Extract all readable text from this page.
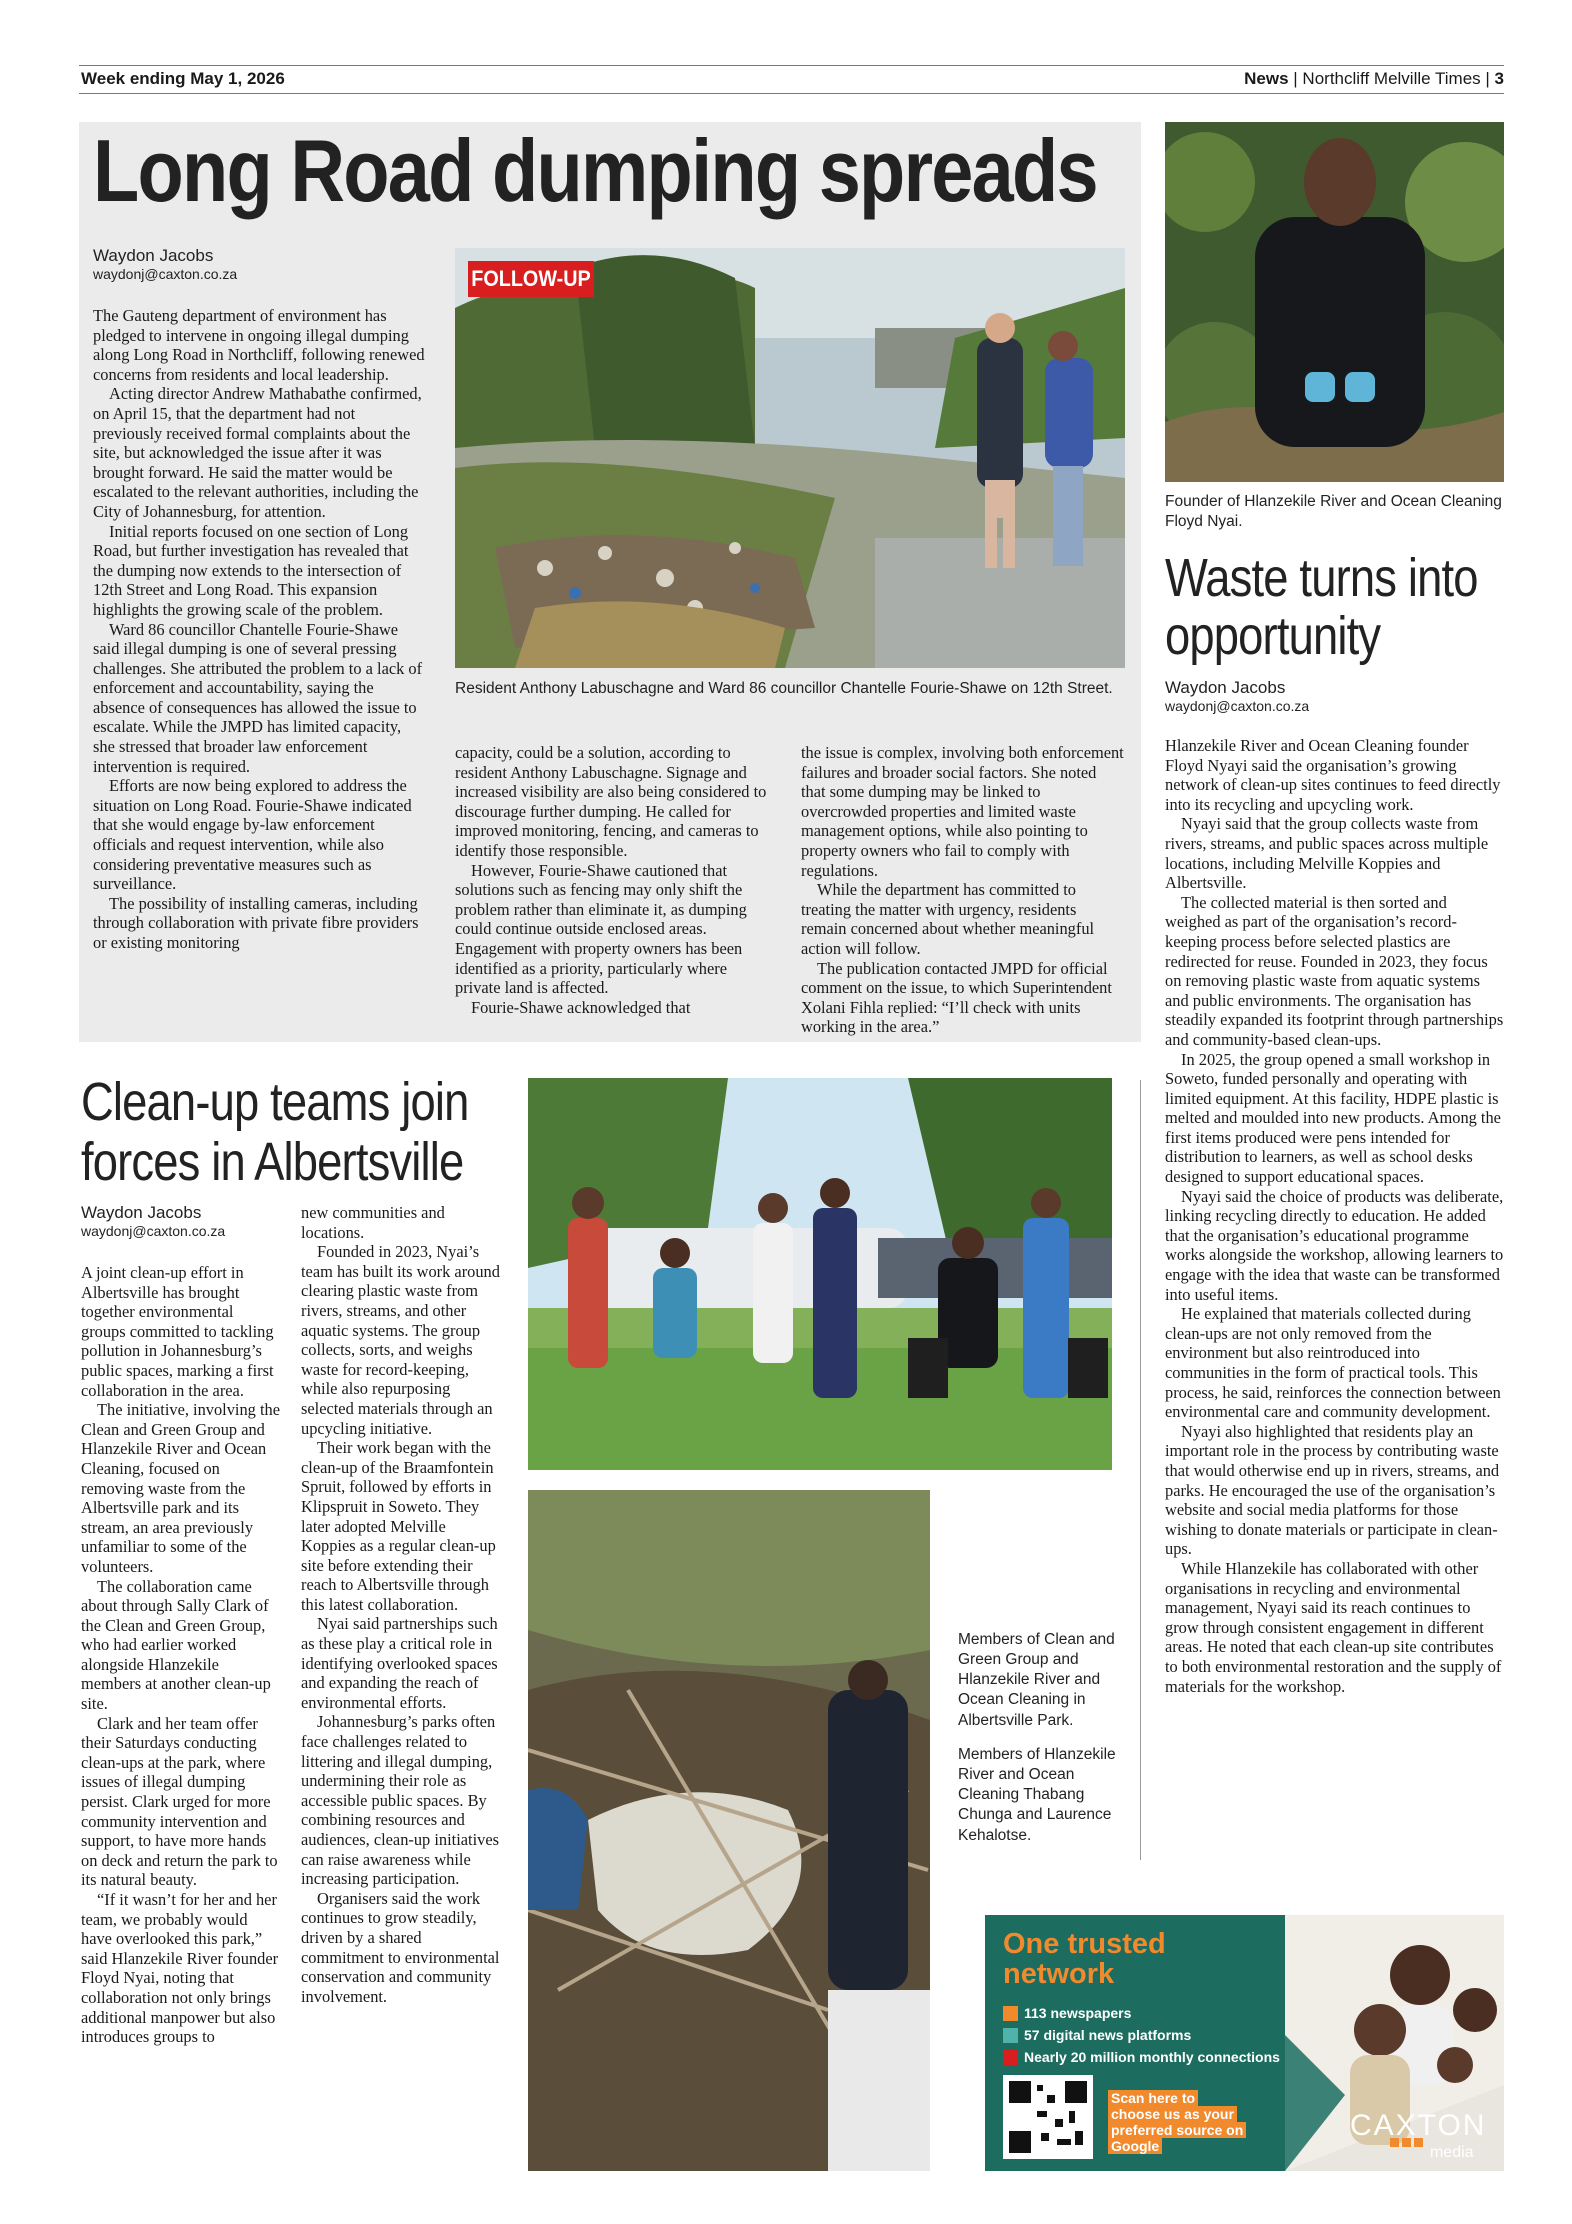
Week ending May 1, 2026	News | Northcliff Melville Times | 3
Long Road dumping spreads
Waydon Jacobs
waydonj@caxton.co.za

The Gauteng department of environment has pledged to intervene in ongoing illegal dumping along Long Road in Northcliff, following renewed concerns from residents and local leadership.

Acting director Andrew Mathabathe confirmed, on April 15, that the department had not previously received formal complaints about the site, but acknowledged the issue after it was brought forward. He said the matter would be escalated to the relevant authorities, including the City of Johannesburg, for attention.

Initial reports focused on one section of Long Road, but further investigation has revealed that the dumping now extends to the intersection of 12th Street and Long Road. This expansion highlights the growing scale of the problem.

Ward 86 councillor Chantelle Fourie-Shawe said illegal dumping is one of several pressing challenges. She attributed the problem to a lack of enforcement and accountability, saying the absence of consequences has allowed the issue to escalate. While the JMPD has limited capacity, she stressed that broader law enforcement intervention is required.

Efforts are now being explored to address the situation on Long Road. Fourie-Shawe indicated that she would engage by-law enforcement officials and request intervention, while also considering preventative measures such as surveillance.

The possibility of installing cameras, including through collaboration with private fibre providers or existing monitoring

FOLLOW-UP
Resident Anthony Labuschagne and Ward 86 councillor Chantelle Fourie-Shawe on 12th Street.

capacity, could be a solution, according to resident Anthony Labuschagne. Signage and increased visibility are also being considered to discourage further dumping. He called for improved monitoring, fencing, and cameras to identify those responsible.

However, Fourie-Shawe cautioned that solutions such as fencing may only shift the problem rather than eliminate it, as dumping could continue outside enclosed areas. Engagement with property owners has been identified as a priority, particularly where private land is affected.

Fourie-Shawe acknowledged that

the issue is complex, involving both enforcement failures and broader social factors. She noted that some dumping may be linked to overcrowded properties and limited waste management options, while also pointing to property owners who fail to comply with regulations.

While the department has committed to treating the matter with urgency, residents remain concerned about whether meaningful action will follow.

The publication contacted JMPD for official comment on the issue, to which Superintendent Xolani Fihla replied: “I’ll check with units working in the area.”

Founder of Hlanzekile River and Ocean Cleaning Floyd Nyai.
Waste turns into
opportunity
Waydon Jacobs
waydonj@caxton.co.za

Hlanzekile River and Ocean Cleaning founder Floyd Nyayi said the organisation’s growing network of clean-up sites continues to feed directly into its recycling and upcycling work.

Nyayi said that the group collects waste from rivers, streams, and public spaces across multiple locations, including Melville Koppies and Albertsville.

The collected material is then sorted and weighed as part of the organisation’s record-keeping process before selected plastics are redirected for reuse. Founded in 2023, they focus on removing plastic waste from aquatic systems and public environments. The organisation has steadily expanded its footprint through partnerships and community-based clean-ups.

In 2025, the group opened a small workshop in Soweto, funded personally and operating with limited equipment. At this facility, HDPE plastic is melted and moulded into new products. Among the first items produced were pens intended for distribution to learners, as well as school desks designed to support educational spaces.

Nyayi said the choice of products was deliberate, linking recycling directly to education. He added that the organisation’s educational programme works alongside the workshop, allowing learners to engage with the idea that waste can be transformed into useful items.

He explained that materials collected during clean-ups are not only removed from the environment but also reintroduced into communities in the form of practical tools. This process, he said, reinforces the connection between environmental care and community development.

Nyayi also highlighted that residents play an important role in the process by contributing waste that would otherwise end up in rivers, streams, and parks. He encouraged the use of the organisation’s website and social media platforms for those wishing to donate materials or participate in clean-ups.

While Hlanzekile has collaborated with other organisations in recycling and environmental management, Nyayi said its reach continues to grow through consistent engagement in different areas. He noted that each clean-up site contributes to both environmental restoration and the supply of materials for the workshop.

Clean-up teams join
forces in Albertsville
Waydon Jacobs
waydonj@caxton.co.za

A joint clean-up effort in Albertsville has brought together environmental groups committed to tackling pollution in Johannesburg’s public spaces, marking a first collaboration in the area.

The initiative, involving the Clean and Green Group and Hlanzekile River and Ocean Cleaning, focused on removing waste from the Albertsville park and its stream, an area previously unfamiliar to some of the volunteers.

The collaboration came about through Sally Clark of the Clean and Green Group, who had earlier worked alongside Hlanzekile members at another clean-up site.

Clark and her team offer their Saturdays conducting clean-ups at the park, where issues of illegal dumping persist. Clark urged for more community intervention and support, to have more hands on deck and return the park to its natural beauty.

“If it wasn’t for her and her team, we probably would have overlooked this park,” said Hlanzekile River founder Floyd Nyai, noting that collaboration not only brings additional manpower but also introduces groups to

new communities and locations.

Founded in 2023, Nyai’s team has built its work around clearing plastic waste from rivers, streams, and other aquatic systems. The group collects, sorts, and weighs waste for record-keeping, while also repurposing selected materials through an upcycling initiative.

Their work began with the clean-up of the Braamfontein Spruit, followed by efforts in Klipspruit in Soweto. They later adopted Melville Koppies as a regular clean-up site before extending their reach to Albertsville through this latest collaboration.

Nyai said partnerships such as these play a critical role in identifying overlooked spaces and expanding the reach of environmental efforts.

Johannesburg’s parks often face challenges related to littering and illegal dumping, undermining their role as accessible public spaces. By combining resources and audiences, clean-up initiatives can raise awareness while increasing participation.

Organisers said the work continues to grow steadily, driven by a shared commitment to environmental conservation and community involvement.

Members of Clean and Green Group and Hlanzekile River and Ocean Cleaning in Albertsville Park.
Members of Hlanzekile River and Ocean Cleaning Thabang Chunga and Laurence Kehalotse.
One trusted
network
113 newspapers
57 digital news platforms
Nearly 20 million monthly connections
Scan here to
choose us as your
preferred source on
Google
CAXTON
media
